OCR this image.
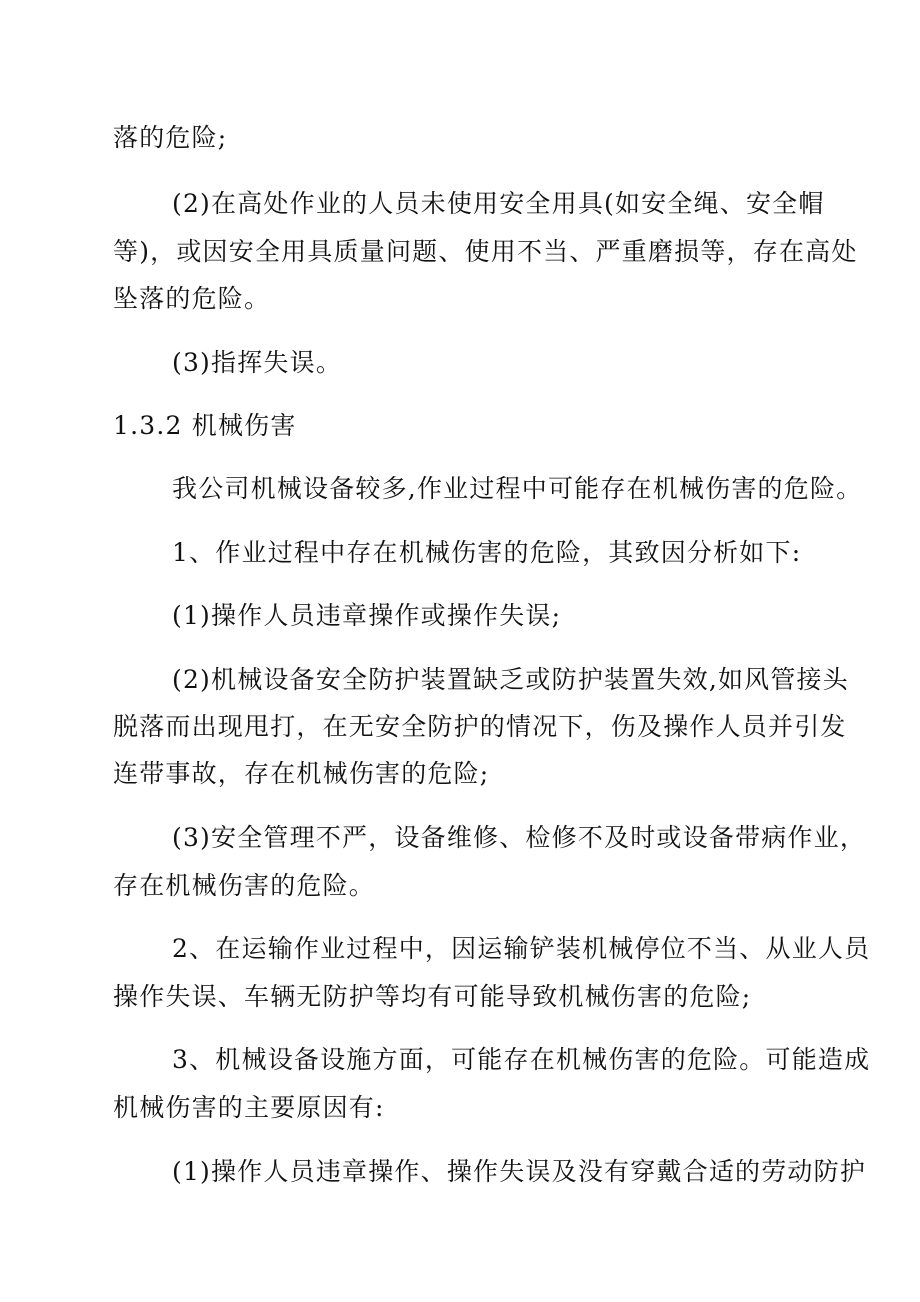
落的危险;
(2)在高处作业的人员未使用安全用具(如安全绳、安全帽
等)，或因安全用具质量问题、使用不当、严重磨损等，存在高处
坠落的危险。
(3)指挥失误。
1.3.2 机械伤害
我公司机械设备较多,作业过程中可能存在机械伤害的危险。
1、作业过程中存在机械伤害的危险，其致因分析如下:
(1)操作人员违章操作或操作失误;
(2)机械设备安全防护装置缺乏或防护装置失效,如风管接头
脱落而出现甩打，在无安全防护的情况下，伤及操作人员并引发
连带事故，存在机械伤害的危险;
(3)安全管理不严，设备维修、检修不及时或设备带病作业，
存在机械伤害的危险。
2、在运输作业过程中，因运输铲装机械停位不当、从业人员
操作失误、车辆无防护等均有可能导致机械伤害的危险;
3、机械设备设施方面，可能存在机械伤害的危险。可能造成
机械伤害的主要原因有:
(1)操作人员违章操作、操作失误及没有穿戴合适的劳动防护
